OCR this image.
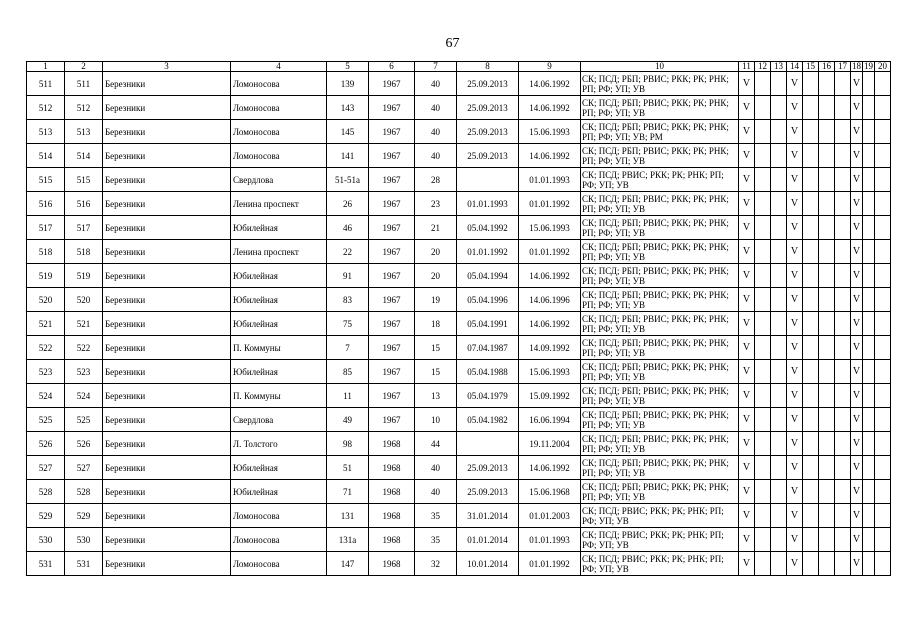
67
1	2	3	4	5	6	7	8	9	10	11	12	13	14	15	16	17	18	19	20
511	511	Березники	Ломоносова	139	1967	40	25.09.2013	14.06.1992	СК; ПСД; РБП; РВИС; РКК; РК; РНК; РП; РФ; УП; УВ	V			V				V		
512	512	Березники	Ломоносова	143	1967	40	25.09.2013	14.06.1992	СК; ПСД; РБП; РВИС; РКК; РК; РНК; РП; РФ; УП; УВ	V			V				V		
513	513	Березники	Ломоносова	145	1967	40	25.09.2013	15.06.1993	СК; ПСД; РБП; РВИС; РКК; РК; РНК; РП; РФ; УП; УВ; РМ	V			V				V		
514	514	Березники	Ломоносова	141	1967	40	25.09.2013	14.06.1992	СК; ПСД; РБП; РВИС; РКК; РК; РНК; РП; РФ; УП; УВ	V			V				V		
515	515	Березники	Свердлова	51-51а	1967	28		01.01.1993	СК; ПСД; РВИС; РКК; РК; РНК; РП; РФ; УП; УВ	V			V				V		
516	516	Березники	Ленина проспект	26	1967	23	01.01.1993	01.01.1992	СК; ПСД; РБП; РВИС; РКК; РК; РНК; РП; РФ; УП; УВ	V			V				V		
517	517	Березники	Юбилейная	46	1967	21	05.04.1992	15.06.1993	СК; ПСД; РБП; РВИС; РКК; РК; РНК; РП; РФ; УП; УВ	V			V				V		
518	518	Березники	Ленина проспект	22	1967	20	01.01.1992	01.01.1992	СК; ПСД; РБП; РВИС; РКК; РК; РНК; РП; РФ; УП; УВ	V			V				V		
519	519	Березники	Юбилейная	91	1967	20	05.04.1994	14.06.1992	СК; ПСД; РБП; РВИС; РКК; РК; РНК; РП; РФ; УП; УВ	V			V				V		
520	520	Березники	Юбилейная	83	1967	19	05.04.1996	14.06.1996	СК; ПСД; РБП; РВИС; РКК; РК; РНК; РП; РФ; УП; УВ	V			V				V		
521	521	Березники	Юбилейная	75	1967	18	05.04.1991	14.06.1992	СК; ПСД; РБП; РВИС; РКК; РК; РНК; РП; РФ; УП; УВ	V			V				V		
522	522	Березники	П. Коммуны	7	1967	15	07.04.1987	14.09.1992	СК; ПСД; РБП; РВИС; РКК; РК; РНК; РП; РФ; УП; УВ	V			V				V		
523	523	Березники	Юбилейная	85	1967	15	05.04.1988	15.06.1993	СК; ПСД; РБП; РВИС; РКК; РК; РНК; РП; РФ; УП; УВ	V			V				V		
524	524	Березники	П. Коммуны	11	1967	13	05.04.1979	15.09.1992	СК; ПСД; РБП; РВИС; РКК; РК; РНК; РП; РФ; УП; УВ	V			V				V		
525	525	Березники	Свердлова	49	1967	10	05.04.1982	16.06.1994	СК; ПСД; РБП; РВИС; РКК; РК; РНК; РП; РФ; УП; УВ	V			V				V		
526	526	Березники	Л. Толстого	98	1968	44		19.11.2004	СК; ПСД; РБП; РВИС; РКК; РК; РНК; РП; РФ; УП; УВ	V			V				V		
527	527	Березники	Юбилейная	51	1968	40	25.09.2013	14.06.1992	СК; ПСД; РБП; РВИС; РКК; РК; РНК; РП; РФ; УП; УВ	V			V				V		
528	528	Березники	Юбилейная	71	1968	40	25.09.2013	15.06.1968	СК; ПСД; РБП; РВИС; РКК; РК; РНК; РП; РФ; УП; УВ	V			V				V		
529	529	Березники	Ломоносова	131	1968	35	31.01.2014	01.01.2003	СК; ПСД; РВИС; РКК; РК; РНК; РП; РФ; УП; УВ	V			V				V		
530	530	Березники	Ломоносова	131а	1968	35	01.01.2014	01.01.1993	СК; ПСД; РВИС; РКК; РК; РНК; РП; РФ; УП; УВ	V			V				V		
531	531	Березники	Ломоносова	147	1968	32	10.01.2014	01.01.1992	СК; ПСД; РВИС; РКК; РК; РНК; РП; РФ; УП; УВ	V			V				V		
